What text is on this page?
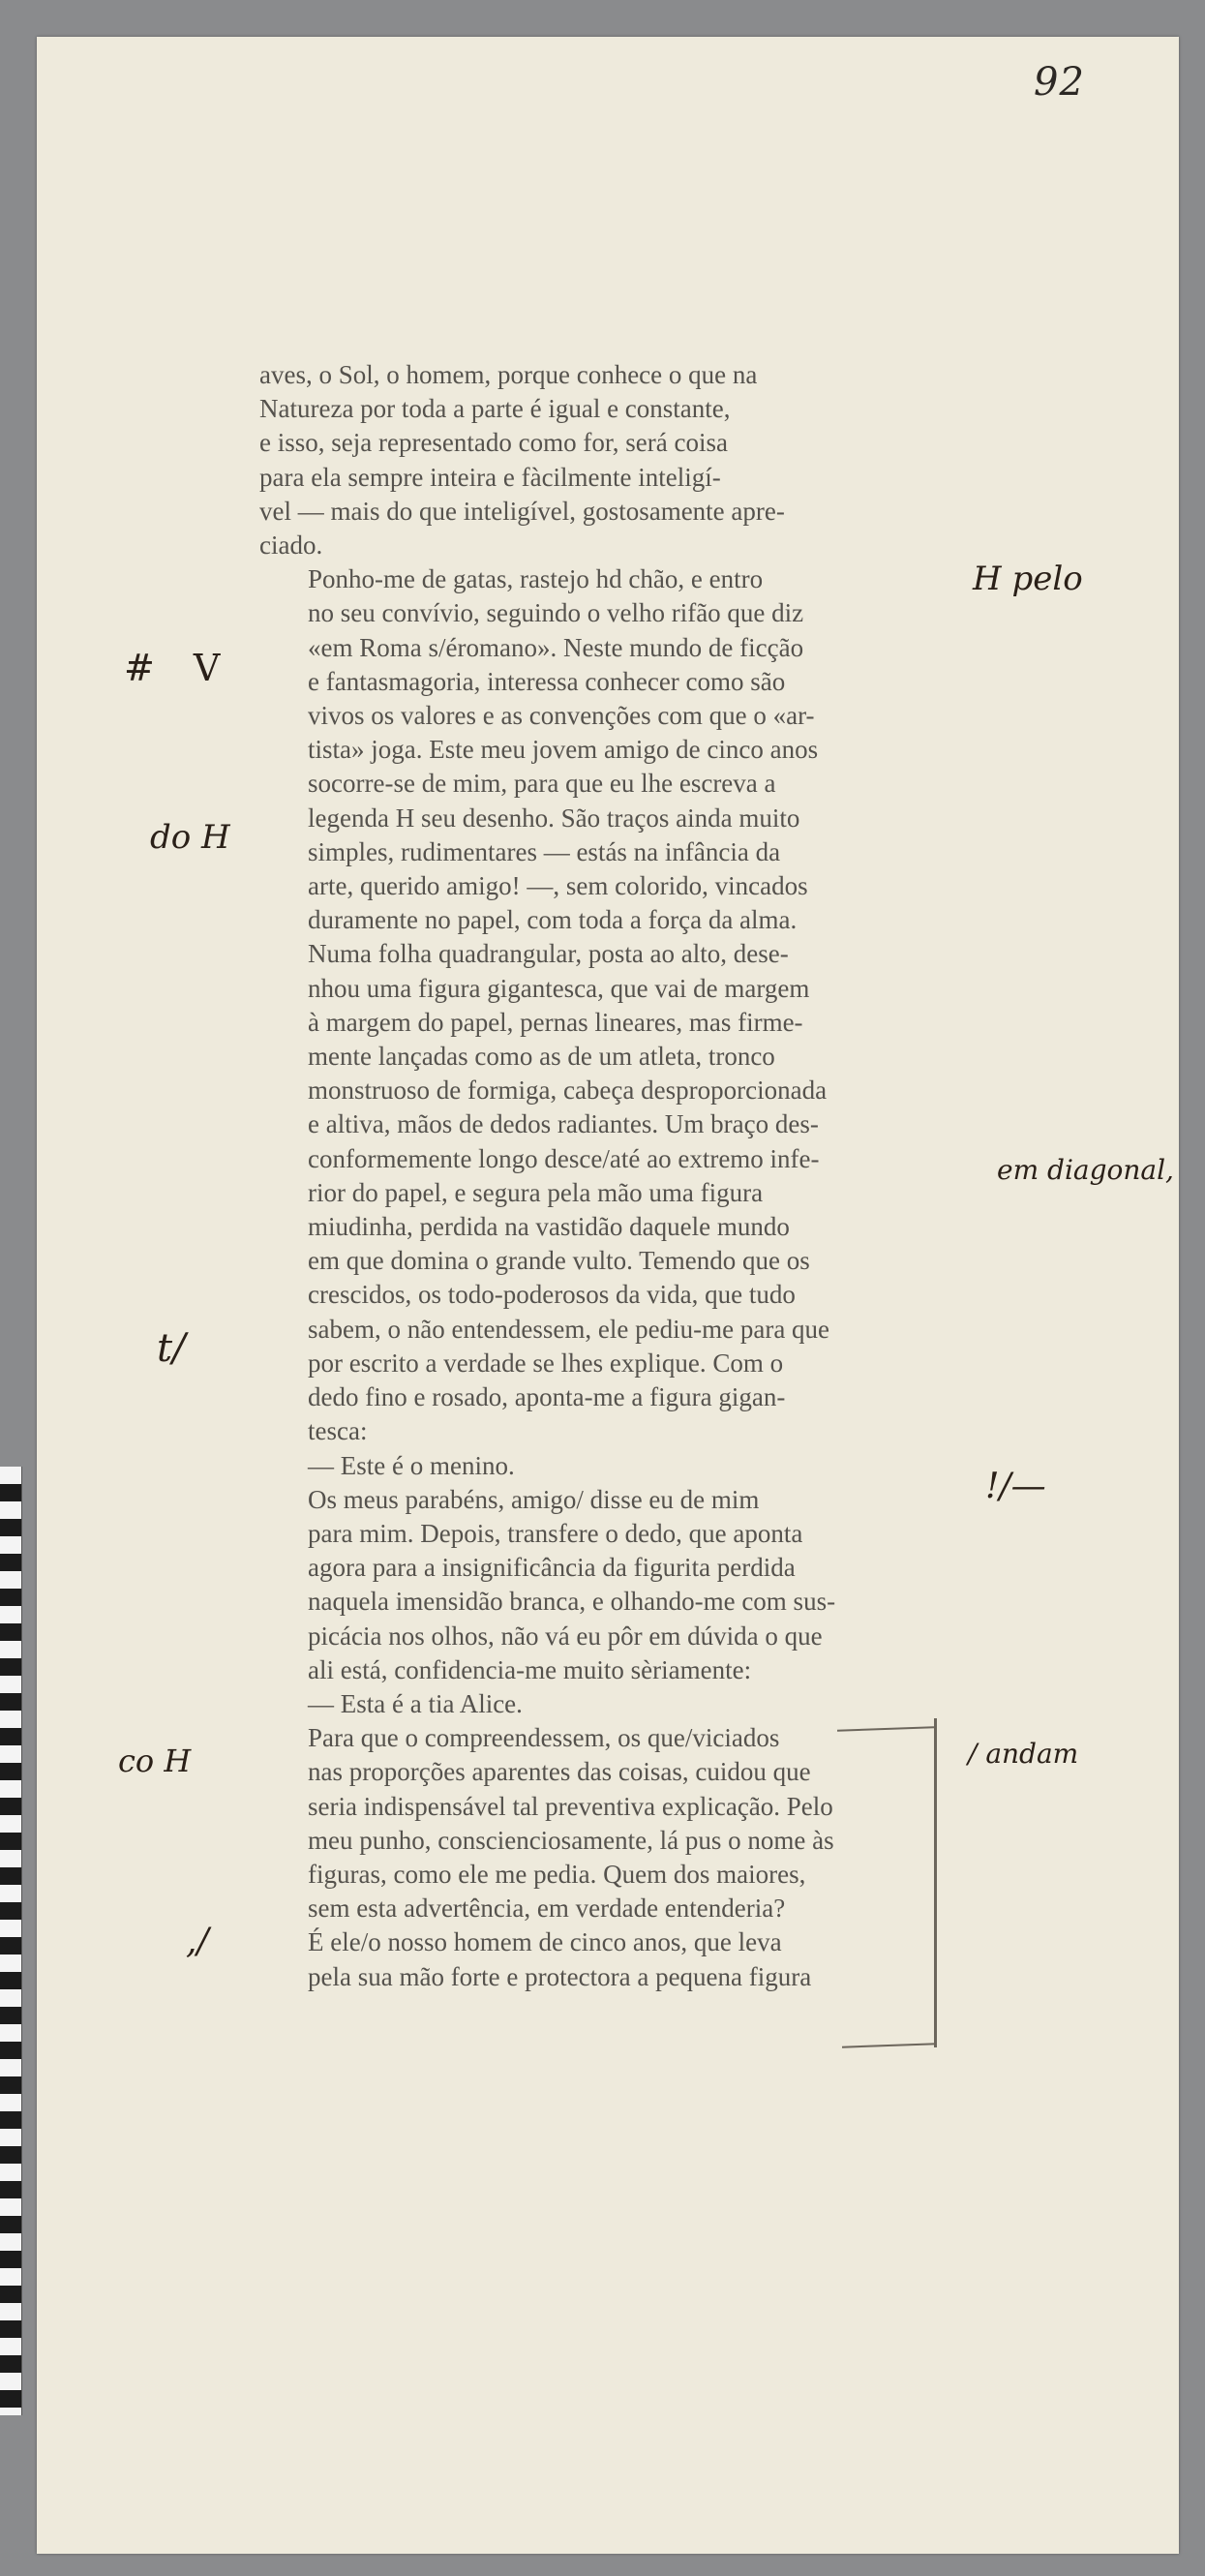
92

aves, o Sol, o homem, porque conhece o que na
Natureza por toda a parte é igual e constante,
e isso, seja representado como for, será coisa
para ela sempre inteira e fàcilmente inteligí-
vel — mais do que inteligível, gostosamente apre-
ciado.

Ponho-me de gatas, rastejo hd chão, e entro
no seu convívio, seguindo o velho rifão que diz
«em Roma s/éromano». Neste mundo de ficção
e fantasmagoria, interessa conhecer como são
vivos os valores e as convenções com que o «ar-
tista» joga. Este meu jovem amigo de cinco anos
socorre-se de mim, para que eu lhe escreva a
legenda H seu desenho. São traços ainda muito
simples, rudimentares — estás na infância da
arte, querido amigo! —, sem colorido, vincados
duramente no papel, com toda a força da alma.
Numa folha quadrangular, posta ao alto, dese-
nhou uma figura gigantesca, que vai de margem
à margem do papel, pernas lineares, mas firme-
mente lançadas como as de um atleta, tronco
monstruoso de formiga, cabeça desproporcionada
e altiva, mãos de dedos radiantes. Um braço des-
conformemente longo desce/até ao extremo infe-
rior do papel, e segura pela mão uma figura
miudinha, perdida na vastidão daquele mundo
em que domina o grande vulto. Temendo que os
crescidos, os todo-poderosos da vida, que tudo
sabem, o não entendessem, ele pediu-me para que
por escrito a verdade se lhes explique. Com o
dedo fino e rosado, aponta-me a figura gigan-
tesca:

— Este é o menino.

Os meus parabéns, amigo/ disse eu de mim
para mim. Depois, transfere o dedo, que aponta
agora para a insignificância da figurita perdida
naquela imensidão branca, e olhando-me com sus-
picácia nos olhos, não vá eu pôr em dúvida o que
ali está, confidencia-me muito sèriamente:

— Esta é a tia Alice.

Para que o compreendessem, os que/viciados
nas proporções aparentes das coisas, cuidou que
seria indispensável tal preventiva explicação. Pelo
meu punho, conscienciosamente, lá pus o nome às
figuras, como ele me pedia. Quem dos maiores,
sem esta advertência, em verdade entenderia?
É ele/o nosso homem de cinco anos, que leva
pela sua mão forte e protectora a pequena figura

H pelo
# V
do H
em diagonal,
t/
!/—
co H	/ andam
,/
